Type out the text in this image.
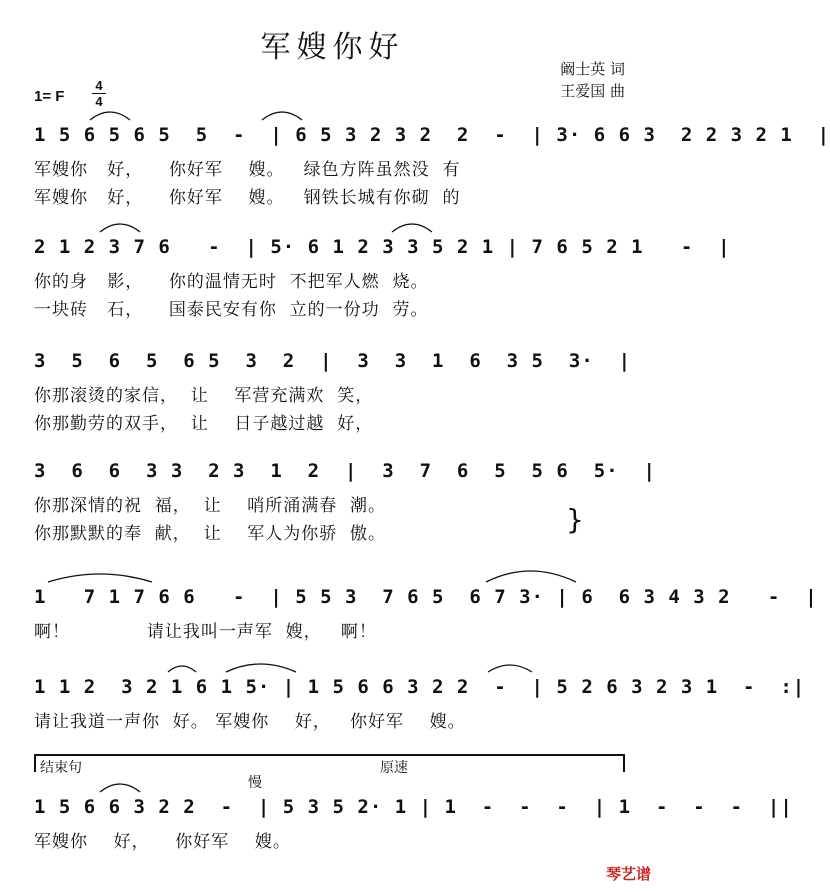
军嫂你好
阚士英 词
王爱国 曲
1= F
4
4
1 5 6 5 6 5  5  -  | 6 5 3 2 3 2  2  -  | 3· 6 6 3  2 2 3 2 1  |
军嫂你   好，    你好军    嫂。   绿色方阵虽然没  有
军嫂你   好，    你好军    嫂。   钢铁长城有你砌  的
2 1 2 3 7 6   -  | 5· 6 1 2 3 3 5 2 1 | 7 6 5 2 1   -  |
你的身   影，    你的温情无时  不把军人燃  烧。
一块砖   石，    国泰民安有你  立的一份功  劳。
3  5  6  5  6 5  3  2  |  3  3  1  6  3 5  3·  |
你那滚烫的家信，  让    军营充满欢  笑，
你那勤劳的双手，  让    日子越过越  好，
3  6  6  3 3  2 3  1  2  |  3  7  6  5  5 6  5·  |
你那深情的祝  福，  让    哨所涌满春  潮。
你那默默的奉  献，  让    军人为你骄  傲。	}
1   7 1 7 6 6   -  | 5 5 3  7 6 5  6 7 3· | 6  6 3 4 3 2   -  |
啊！            请让我叫一声军  嫂，   啊！
1 1 2  3 2 1 6 1 5· | 1 5 6 6 3 2 2  -  | 5 2 6 3 2 3 1  -  :|
请让我道一声你  好。 军嫂你    好，   你好军    嫂。
结束句
慢
原速
1 5 6 6 3 2 2  -  | 5 3 5 2· 1 | 1  -  -  -  | 1  -  -  -  ||
军嫂你    好，    你好军    嫂。
琴艺谱
